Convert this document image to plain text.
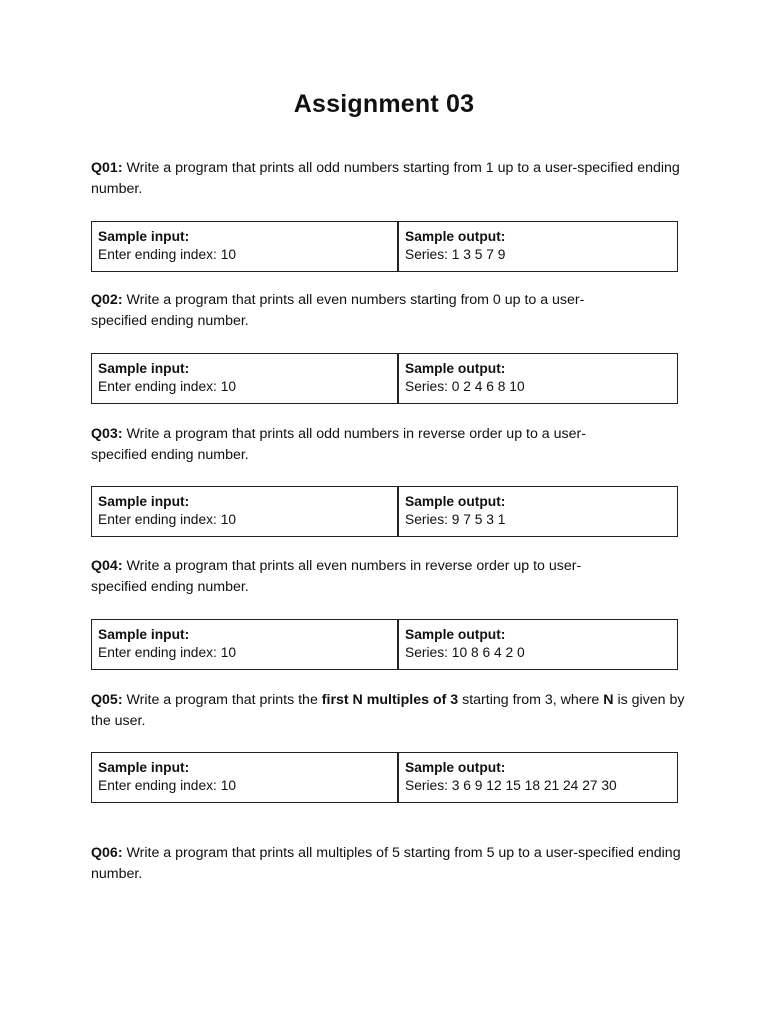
Assignment 03
Q01: Write a program that prints all odd numbers starting from 1 up to a user-specified ending number.
Sample input:
Enter ending index: 10

Sample output:
Series: 1 3 5 7 9
Q02: Write a program that prints all even numbers starting from 0 up to a user-specified ending number.
Sample input:
Enter ending index: 10

Sample output:
Series: 0 2 4 6 8 10
Q03: Write a program that prints all odd numbers in reverse order up to a user-specified ending number.
Sample input:
Enter ending index: 10

Sample output:
Series: 9 7 5 3 1
Q04: Write a program that prints all even numbers in reverse order up to user-specified ending number.
Sample input:
Enter ending index: 10

Sample output:
Series: 10 8 6 4 2 0
Q05: Write a program that prints the first N multiples of 3 starting from 3, where N is given by the user.
Sample input:
Enter ending index: 10

Sample output:
Series: 3 6 9 12 15 18 21 24 27 30
Q06: Write a program that prints all multiples of 5 starting from 5 up to a user-specified ending number.
